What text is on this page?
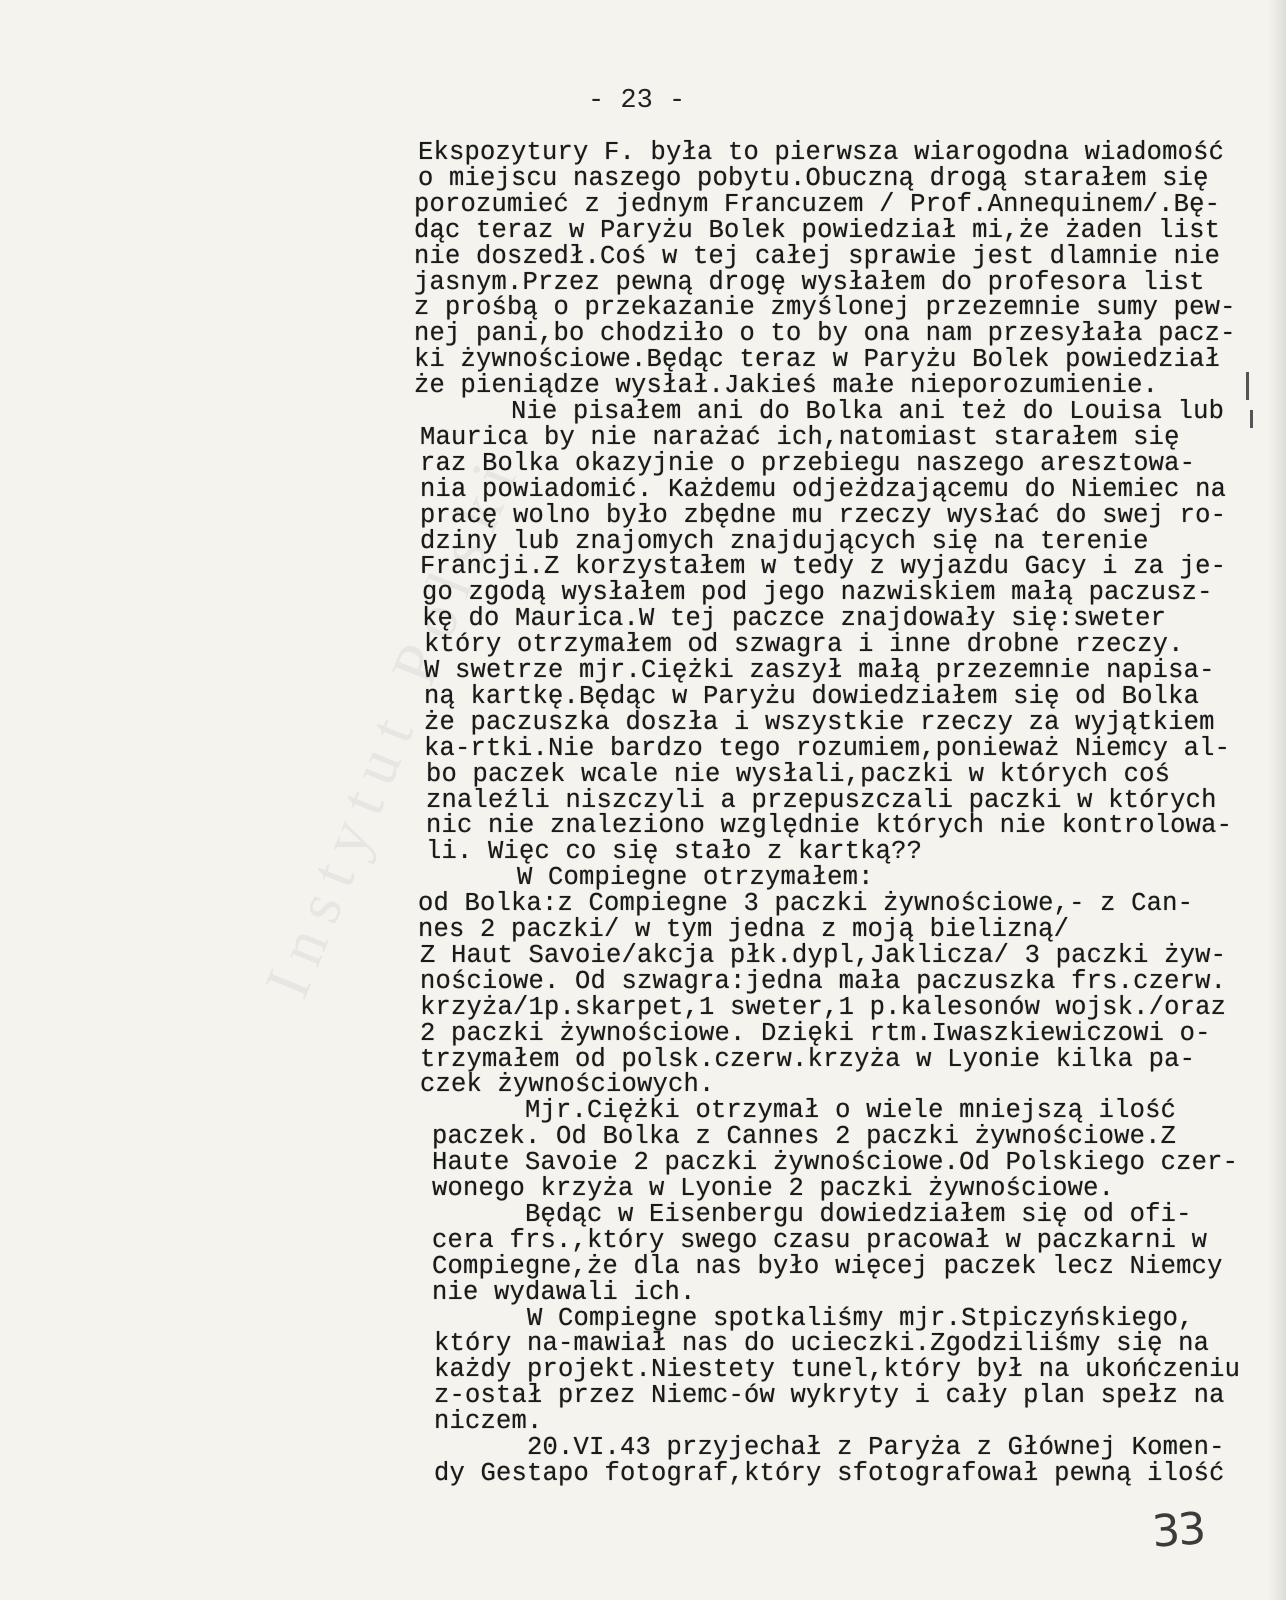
Instytut Polski
- 23 -
Ekspozytury F. była to pierwsza wiarogodna wiadomość
o miejscu naszego pobytu.Obuczną drogą starałem się
porozumieć z jednym Francuzem / Prof.Annequinem/.Bę-
dąc teraz w Paryżu Bolek powiedział mi,że żaden list
nie doszedł.Coś w tej całej sprawie jest dlamnie nie
jasnym.Przez pewną drogę wysłałem do profesora list
z prośbą o przekazanie zmyślonej przezemnie sumy pew-
nej pani,bo chodziło o to by ona nam przesyłała pacz-
ki żywnościowe.Będąc teraz w Paryżu Bolek powiedział
że pieniądze wysłał.Jakieś małe nieporozumienie.
Nie pisałem ani do Bolka ani też do Louisa lub
Maurica by nie narażać ich,natomiast starałem się
raz Bolka okazyjnie o przebiegu naszego aresztowa-
nia powiadomić. Każdemu odjeżdzającemu do Niemiec na
pracę wolno było zbędne mu rzeczy wysłać do swej ro-
dziny lub znajomych znajdujących się na terenie
Francji.Z korzystałem w tedy z wyjazdu Gacy i za je-
go zgodą wysłałem pod jego nazwiskiem małą paczusz-
kę do Maurica.W tej paczce znajdowały się:sweter
który otrzymałem od szwagra i inne drobne rzeczy.
W swetrze mjr.Ciężki zaszył małą przezemnie napisa-
ną kartkę.Będąc w Paryżu dowiedziałem się od Bolka
że paczuszka doszła i wszystkie rzeczy za wyjątkiem
ka-rtki.Nie bardzo tego rozumiem,ponieważ Niemcy al-
bo paczek wcale nie wysłali,paczki w których coś
znaleźli niszczyli a przepuszczali paczki w których
nic nie znaleziono względnie których nie kontrolowa-
li. Więc co się stało z kartką??
W Compiegne otrzymałem:
od Bolka:z Compiegne 3 paczki żywnościowe,- z Can-
nes 2 paczki/ w tym jedna z moją bielizną/
Z Haut Savoie/akcja płk.dypl,Jaklicza/ 3 paczki żyw-
nościowe. Od szwagra:jedna mała paczuszka frs.czerw.
krzyża/1p.skarpet,1 sweter,1 p.kalesonów wojsk./oraz
2 paczki żywnościowe. Dzięki rtm.Iwaszkiewiczowi o-
trzymałem od polsk.czerw.krzyża w Lyonie kilka pa-
czek żywnościowych.
Mjr.Ciężki otrzymał o wiele mniejszą ilość
paczek. Od Bolka z Cannes 2 paczki żywnościowe.Z
Haute Savoie 2 paczki żywnościowe.Od Polskiego czer-
wonego krzyża w Lyonie 2 paczki żywnościowe.
Będąc w Eisenbergu dowiedziałem się od ofi-
cera frs.,który swego czasu pracował w paczkarni w
Compiegne,że dla nas było więcej paczek lecz Niemcy
nie wydawali ich.
W Compiegne spotkaliśmy mjr.Stpiczyńskiego,
który na-mawiał nas do ucieczki.Zgodziliśmy się na
każdy projekt.Niestety tunel,który był na ukończeniu
z-ostał przez Niemc-ów wykryty i cały plan spełz na
niczem.
20.VI.43 przyjechał z Paryża z Głównej Komen-
dy Gestapo fotograf,który sfotografował pewną ilość
33
